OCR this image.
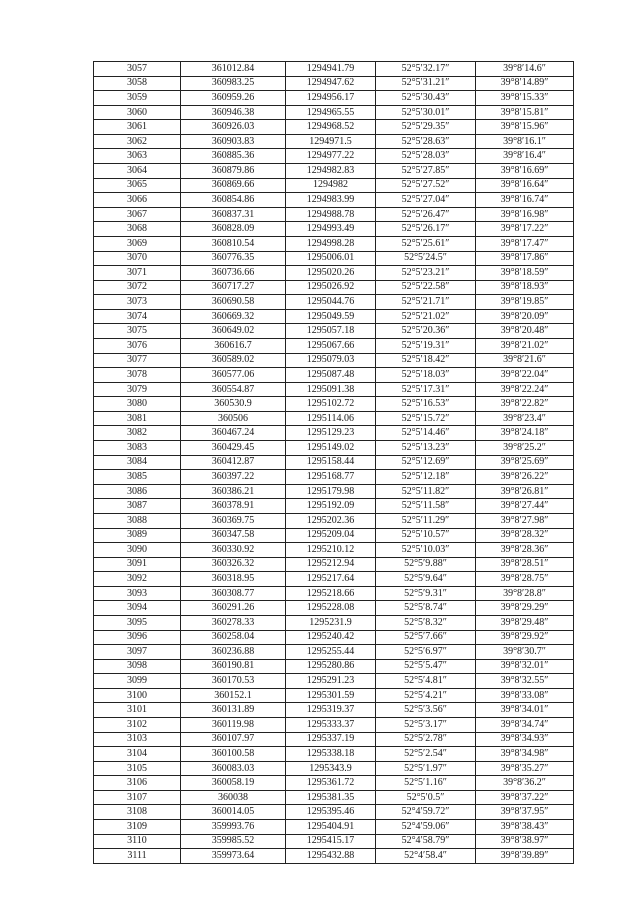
3057	361012.84	1294941.79	52°5′32.17″	39°8′14.6″
3058	360983.25	1294947.62	52°5′31.21″	39°8′14.89″
3059	360959.26	1294956.17	52°5′30.43″	39°8′15.33″
3060	360946.38	1294965.55	52°5′30.01″	39°8′15.81″
3061	360926.03	1294968.52	52°5′29.35″	39°8′15.96″
3062	360903.83	1294971.5	52°5′28.63″	39°8′16.1″
3063	360885.36	1294977.22	52°5′28.03″	39°8′16.4″
3064	360879.86	1294982.83	52°5′27.85″	39°8′16.69″
3065	360869.66	1294982	52°5′27.52″	39°8′16.64″
3066	360854.86	1294983.99	52°5′27.04″	39°8′16.74″
3067	360837.31	1294988.78	52°5′26.47″	39°8′16.98″
3068	360828.09	1294993.49	52°5′26.17″	39°8′17.22″
3069	360810.54	1294998.28	52°5′25.61″	39°8′17.47″
3070	360776.35	1295006.01	52°5′24.5″	39°8′17.86″
3071	360736.66	1295020.26	52°5′23.21″	39°8′18.59″
3072	360717.27	1295026.92	52°5′22.58″	39°8′18.93″
3073	360690.58	1295044.76	52°5′21.71″	39°8′19.85″
3074	360669.32	1295049.59	52°5′21.02″	39°8′20.09″
3075	360649.02	1295057.18	52°5′20.36″	39°8′20.48″
3076	360616.7	1295067.66	52°5′19.31″	39°8′21.02″
3077	360589.02	1295079.03	52°5′18.42″	39°8′21.6″
3078	360577.06	1295087.48	52°5′18.03″	39°8′22.04″
3079	360554.87	1295091.38	52°5′17.31″	39°8′22.24″
3080	360530.9	1295102.72	52°5′16.53″	39°8′22.82″
3081	360506	1295114.06	52°5′15.72″	39°8′23.4″
3082	360467.24	1295129.23	52°5′14.46″	39°8′24.18″
3083	360429.45	1295149.02	52°5′13.23″	39°8′25.2″
3084	360412.87	1295158.44	52°5′12.69″	39°8′25.69″
3085	360397.22	1295168.77	52°5′12.18″	39°8′26.22″
3086	360386.21	1295179.98	52°5′11.82″	39°8′26.81″
3087	360378.91	1295192.09	52°5′11.58″	39°8′27.44″
3088	360369.75	1295202.36	52°5′11.29″	39°8′27.98″
3089	360347.58	1295209.04	52°5′10.57″	39°8′28.32″
3090	360330.92	1295210.12	52°5′10.03″	39°8′28.36″
3091	360326.32	1295212.94	52°5′9.88″	39°8′28.51″
3092	360318.95	1295217.64	52°5′9.64″	39°8′28.75″
3093	360308.77	1295218.66	52°5′9.31″	39°8′28.8″
3094	360291.26	1295228.08	52°5′8.74″	39°8′29.29″
3095	360278.33	1295231.9	52°5′8.32″	39°8′29.48″
3096	360258.04	1295240.42	52°5′7.66″	39°8′29.92″
3097	360236.88	1295255.44	52°5′6.97″	39°8′30.7″
3098	360190.81	1295280.86	52°5′5.47″	39°8′32.01″
3099	360170.53	1295291.23	52°5′4.81″	39°8′32.55″
3100	360152.1	1295301.59	52°5′4.21″	39°8′33.08″
3101	360131.89	1295319.37	52°5′3.56″	39°8′34.01″
3102	360119.98	1295333.37	52°5′3.17″	39°8′34.74″
3103	360107.97	1295337.19	52°5′2.78″	39°8′34.93″
3104	360100.58	1295338.18	52°5′2.54″	39°8′34.98″
3105	360083.03	1295343.9	52°5′1.97″	39°8′35.27″
3106	360058.19	1295361.72	52°5′1.16″	39°8′36.2″
3107	360038	1295381.35	52°5′0.5″	39°8′37.22″
3108	360014.05	1295395.46	52°4′59.72″	39°8′37.95″
3109	359993.76	1295404.91	52°4′59.06″	39°8′38.43″
3110	359985.52	1295415.17	52°4′58.79″	39°8′38.97″
3111	359973.64	1295432.88	52°4′58.4″	39°8′39.89″
